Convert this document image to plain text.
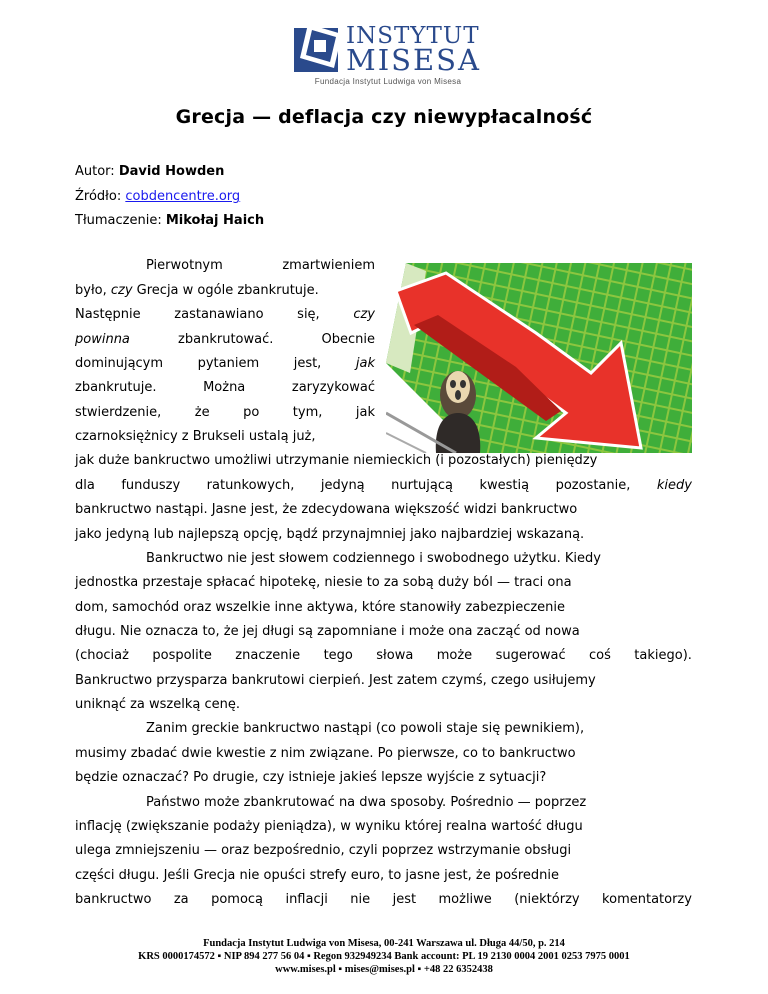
INSTYTUT
MISESA
Fundacja Instytut Ludwiga von Misesa
Grecja — deflacja czy niewypłacalność
Autor: David Howden
Źródło: cobdencentre.org
Tłumaczenie: Mikołaj Haich
Pierwotnym	zmartwieniem
było, czy Grecja w ogóle zbankrutuje.
Następnie	zastanawiano	się,	czy
powinna	zbankrutować.	Obecnie
dominującym	pytaniem	jest,	jak
zbankrutuje.	Można	zaryzykować
stwierdzenie,	że	po	tym,	jak
czarnoksiężnicy z Brukseli ustalą już,
jak duże bankructwo umożliwi utrzymanie niemieckich (i pozostałych) pieniędzy
dla funduszy ratunkowych, jedyną nurtującą kwestią pozostanie, kiedy
bankructwo nastąpi. Jasne jest, że zdecydowana większość widzi bankructwo
jako jedyną lub najlepszą opcję, bądź przynajmniej jako najbardziej wskazaną.
Bankructwo nie jest słowem codziennego i swobodnego użytku. Kiedy
jednostka przestaje spłacać hipotekę, niesie to za sobą duży ból — traci ona
dom, samochód oraz wszelkie inne aktywa, które stanowiły zabezpieczenie
długu. Nie oznacza to, że jej długi są zapomniane i może ona zacząć od nowa
(chociaż pospolite znaczenie tego słowa może sugerować coś takiego).
Bankructwo przysparza bankrutowi cierpień. Jest zatem czymś, czego usiłujemy
uniknąć za wszelką cenę.
Zanim greckie bankructwo nastąpi (co powoli staje się pewnikiem),
musimy zbadać dwie kwestie z nim związane. Po pierwsze, co to bankructwo
będzie oznaczać? Po drugie, czy istnieje jakieś lepsze wyjście z sytuacji?
Państwo może zbankrutować na dwa sposoby. Pośrednio — poprzez
inflację (zwiększanie podaży pieniądza), w wyniku której realna wartość długu
ulega zmniejszeniu — oraz bezpośrednio, czyli poprzez wstrzymanie obsługi
części długu. Jeśli Grecja nie opuści strefy euro, to jasne jest, że pośrednie
bankructwo za pomocą inflacji nie jest możliwe (niektórzy komentatorzy
Fundacja Instytut Ludwiga von Misesa, 00-241 Warszawa ul. Długa 44/50, p. 214
KRS 0000174572 ▪ NIP 894 277 56 04 ▪ Regon 932949234 Bank account: PL 19 2130 0004 2001 0253 7975 0001
www.mises.pl ▪ mises@mises.pl ▪ +48 22 6352438
